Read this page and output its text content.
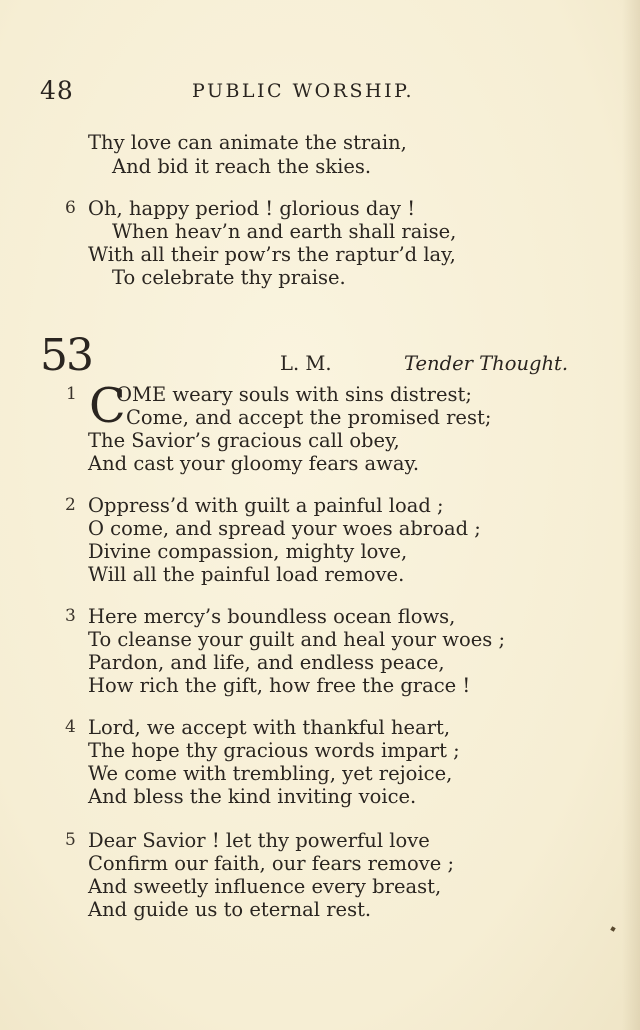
48	PUBLIC WORSHIP.
Thy love can animate the strain,
And bid it reach the skies.
6 Oh, happy period ! glorious day !
When heav’n and earth shall raise,
With all their pow’rs the raptur’d lay,
To celebrate thy praise.
53	L. M.	Tender Thought.
1 C
OME weary souls with sins distrest;
Come, and accept the promised rest;
The Savior’s gracious call obey,
And cast your gloomy fears away.
2 Oppress’d with guilt a painful load ;
O come, and spread your woes abroad ;
Divine compassion, mighty love,
Will all the painful load remove.
3 Here mercy’s boundless ocean flows,
To cleanse your guilt and heal your woes ;
Pardon, and life, and endless peace,
How rich the gift, how free the grace !
4 Lord, we accept with thankful heart,
The hope thy gracious words impart ;
We come with trembling, yet rejoice,
And bless the kind inviting voice.
5 Dear Savior ! let thy powerful love
Confirm our faith, our fears remove ;
And sweetly influence every breast,
And guide us to eternal rest.
